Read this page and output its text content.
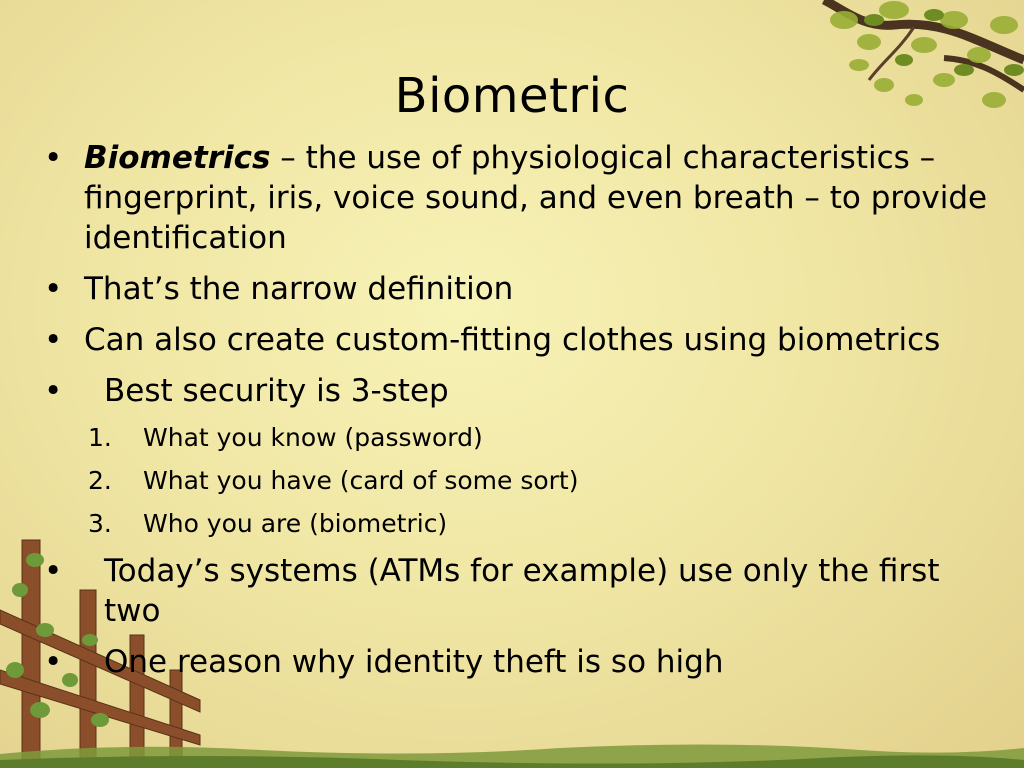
Biometric
• Biometrics – the use of physiological characteristics – fingerprint, iris, voice sound, and even breath – to provide identification
• That’s the narrow definition
• Can also create custom-fitting clothes using biometrics
• Best security is 3-step
1. What you know (password)
2. What you have (card of some sort)
3. Who you are (biometric)
• Today’s systems (ATMs for example) use only the first two
• One reason why identity theft is so high
